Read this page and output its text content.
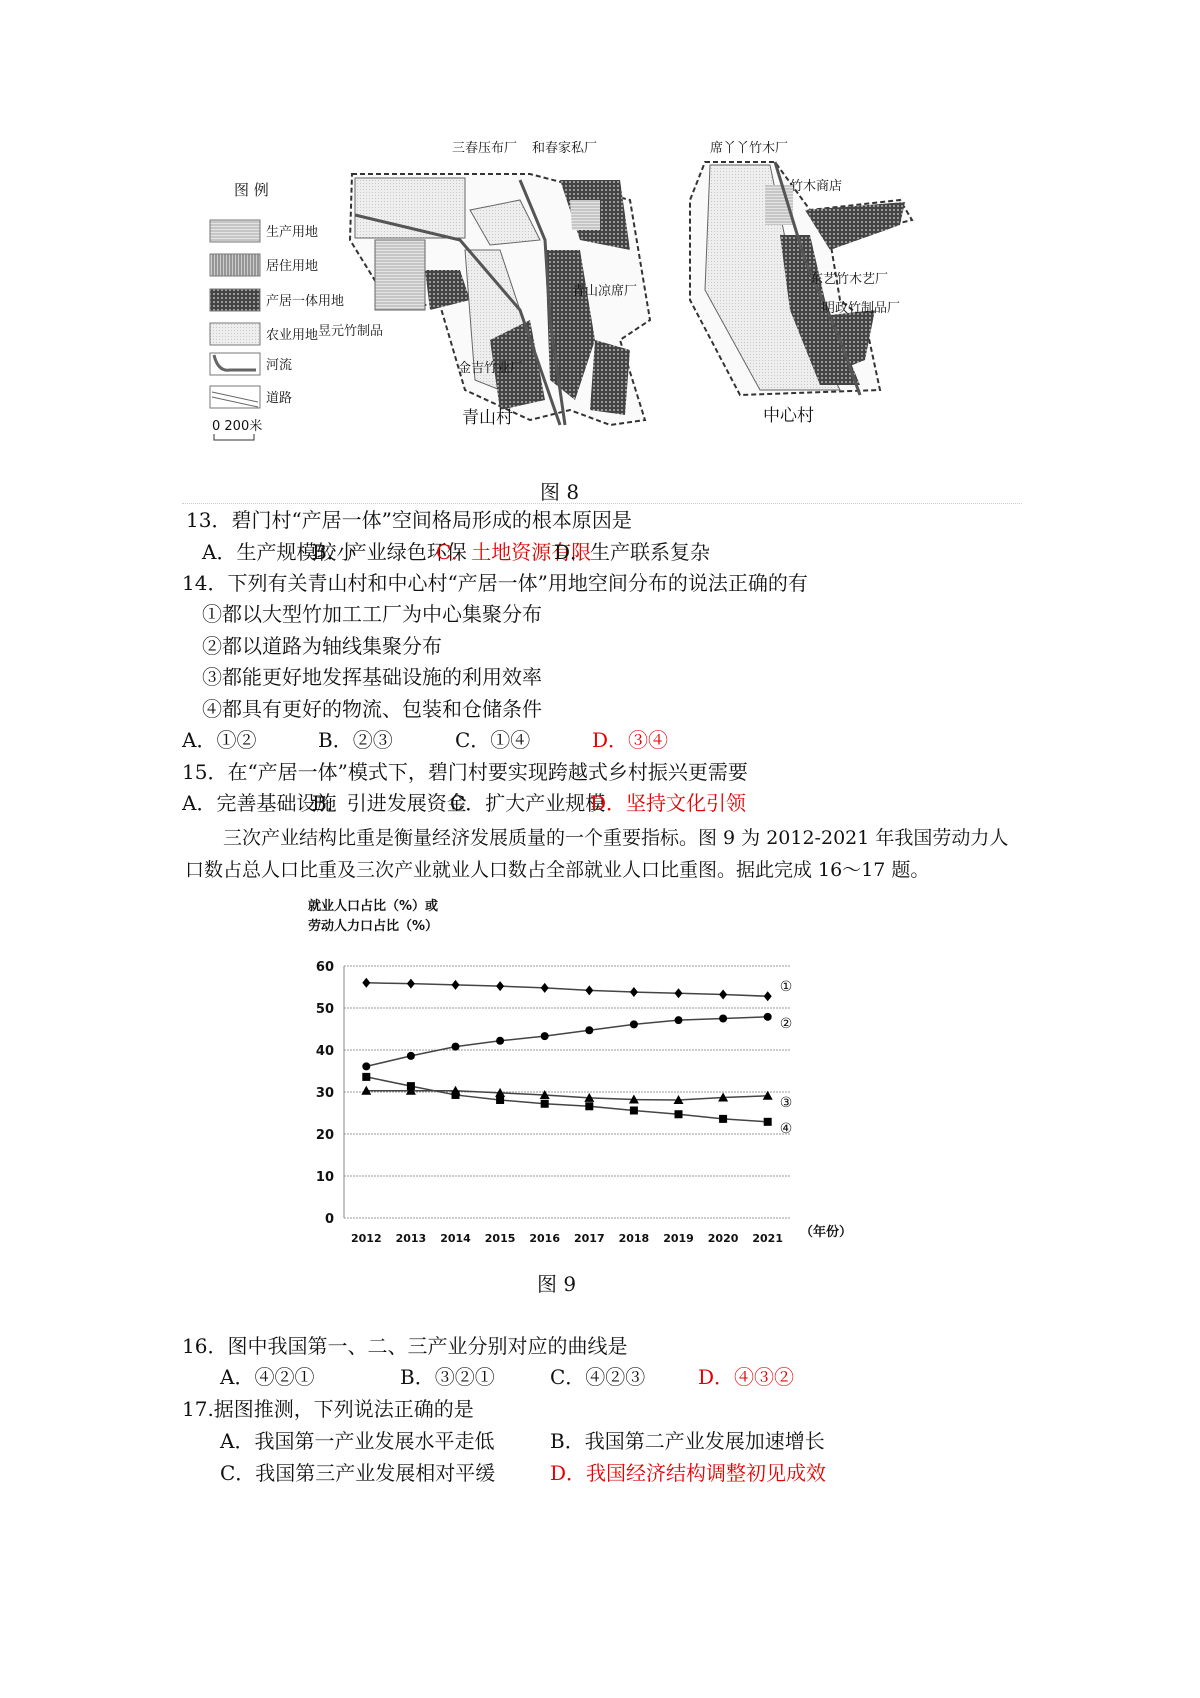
图 例
生产用地
居住用地
产居一体用地
农业用地
河流
道路
0 200米
三春压布厂 和春家私厂
青山凉席厂
昱元竹制品
金吉竹业厂
青山村
席丫丫竹木厂
竹木商店
东艺竹木艺厂
明政竹制品厂
中心村
图 8
13．碧门村“产居一体”空间格局形成的根本原因是
A．生产规模较小
B．产业绿色环保
C．土地资源有限
D．生产联系复杂
14．下列有关青山村和中心村“产居一体”用地空间分布的说法正确的有
①都以大型竹加工工厂为中心集聚分布
②都以道路为轴线集聚分布
③都能更好地发挥基础设施的利用效率
④都具有更好的物流、包装和仓储条件
A．①②	B．②③	C．①④	D．③④
15．在“产居一体”模式下，碧门村要实现跨越式乡村振兴更需要
A．完善基础设施
B．引进发展资金
C．扩大产业规模
D．坚持文化引领
三次产业结构比重是衡量经济发展质量的一个重要指标。图 9 为 2012-2021 年我国劳动力人口数占总人口比重及三次产业就业人口数占全部就业人口比重图。据此完成 16～17 题。
就业人口占比（%）或
劳动人力口占比（%）
0
10
20
30
40
50
60
2012 2013 2014 2015 2016 2017 2018 2019 2020 2021
①
②
③
④
（年份）
图 9
16．图中我国第一、二、三产业分别对应的曲线是
A．④②①	B．③②①	C．④②③	D．④③②
17.据图推测，下列说法正确的是
A．我国第一产业发展水平走低	B．我国第二产业发展加速增长
C．我国第三产业发展相对平缓	D．我国经济结构调整初见成效
